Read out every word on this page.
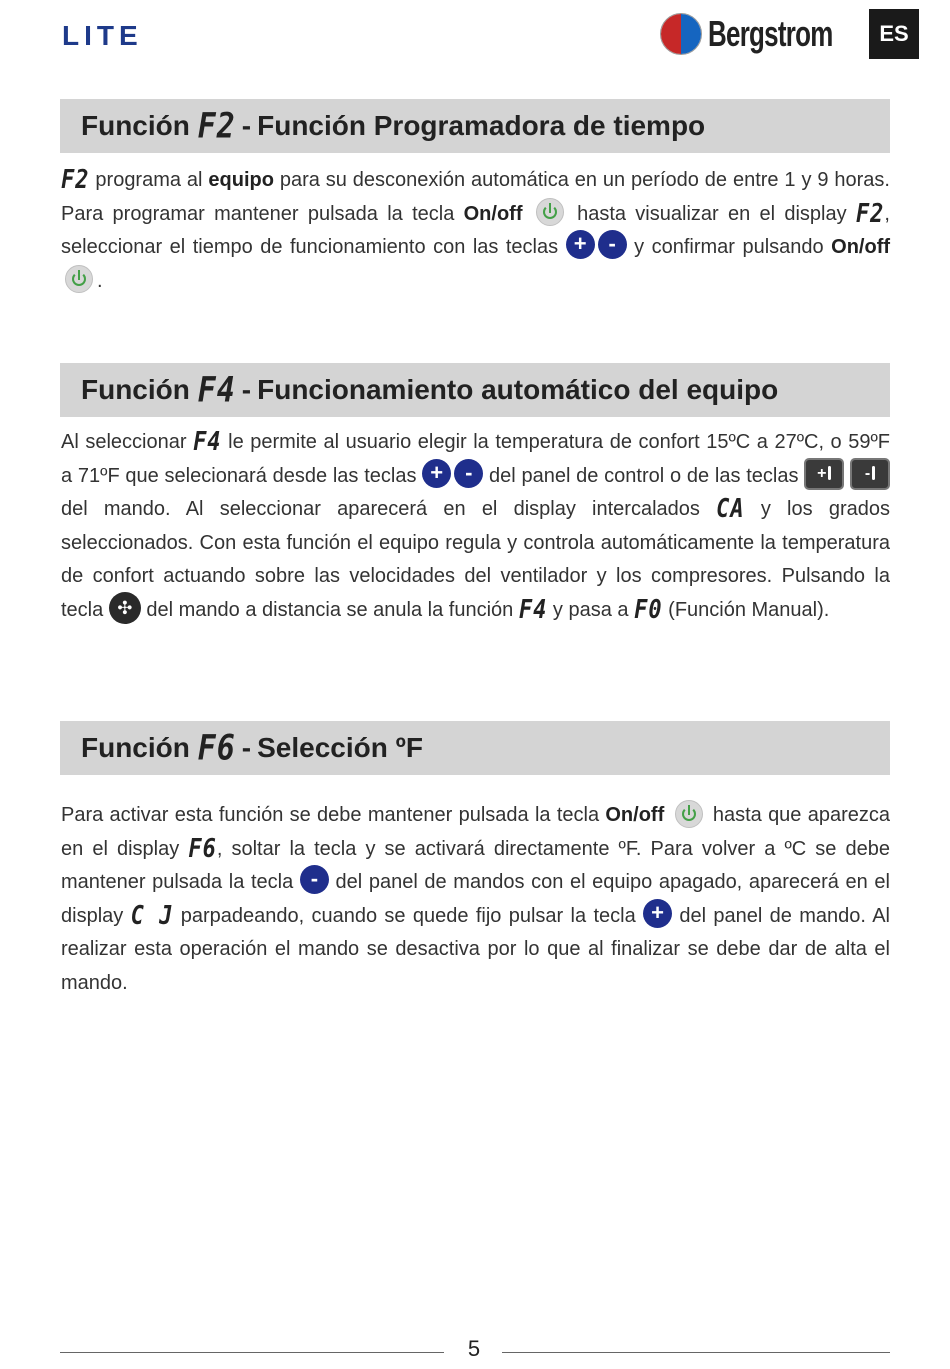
LITE	Bergstrom	ES
Función
F2 - Función Programadora de tiempo
F2 programa al equipo para su desconexión automática en un período de entre 1 y 9 horas. Para programar mantener pulsada la tecla On/off	hasta visualizar en el display F2, seleccionar el tiempo de funcionamiento con las teclas + - y confirmar pulsando On/off .
Función
F4 - Funcionamiento automático del equipo
Al seleccionar F4 le permite al usuario elegir la temperatura de confort 15ºC a 27ºC, o 59ºF a 71ºF que selecionará desde las teclas + - del panel de control o de las teclas + - del mando. Al seleccionar aparecerá en el display intercalados CA y los grados seleccionados. Con esta función el equipo regula y controla automáticamente la temperatura de confort actuando sobre las velocidades del ventilador y los compresores. Pulsando la tecla ✣ del mando a distancia se anula la función F4 y pasa a F0 (Función Manual).
Función
F6 - Selección ºF
Para activar esta función se debe mantener pulsada la tecla On/off hasta que aparezca en el display F6, soltar la tecla y se activará directamente ºF. Para volver a ºC se debe mantener pulsada la tecla - del panel de mandos con el equipo apagado, aparecerá en el display C J parpadeando, cuando se quede fijo pulsar la tecla + del panel de mando. Al realizar esta operación el mando se desactiva por lo que al finalizar se debe dar de alta el mando.
5
